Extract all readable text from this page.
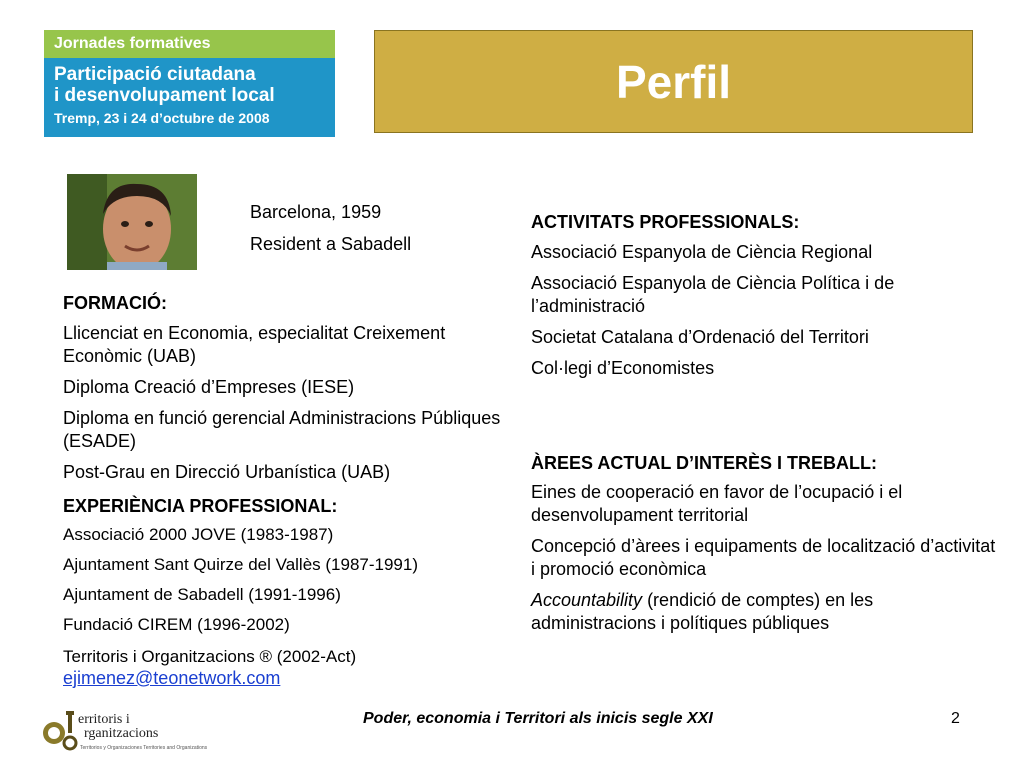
Jornades formatives
Participació ciutadana
i desenvolupament local
Tremp, 23 i 24 d’octubre de 2008
Perfil
Barcelona, 1959
Resident a Sabadell
FORMACIÓ:

Llicenciat en Economia, especialitat Creixement Econòmic (UAB)

Diploma Creació d’Empreses (IESE)

Diploma en funció gerencial Administracions Públiques (ESADE)

Post-Grau en Direcció Urbanística (UAB)

EXPERIÈNCIA PROFESSIONAL:

Associació 2000 JOVE (1983-1987)

Ajuntament Sant Quirze del Vallès (1987-1991)

Ajuntament de Sabadell (1991-1996)

Fundació CIREM (1996-2002)

Territoris i Organitzacions ® (2002-Act)

ejimenez@teonetwork.com
ACTIVITATS PROFESSIONALS:

Associació Espanyola de Ciència Regional

Associació Espanyola de Ciència Política i de l’administració

Societat Catalana d’Ordenació del Territori

Col·legi d’Economistes

ÀREES ACTUAL D’INTERÈS I TREBALL:

Eines de cooperació en favor de l’ocupació i el desenvolupament territorial

Concepció d’àrees i equipaments de localització d’activitat i promoció econòmica

Accountability (rendició de comptes) en les administracions i polítiques públiques

erritoris i
rganitzacions
Territorios y Organizaciones Territories and Organizations
Poder, economia i Territori als inicis segle XXI	2
